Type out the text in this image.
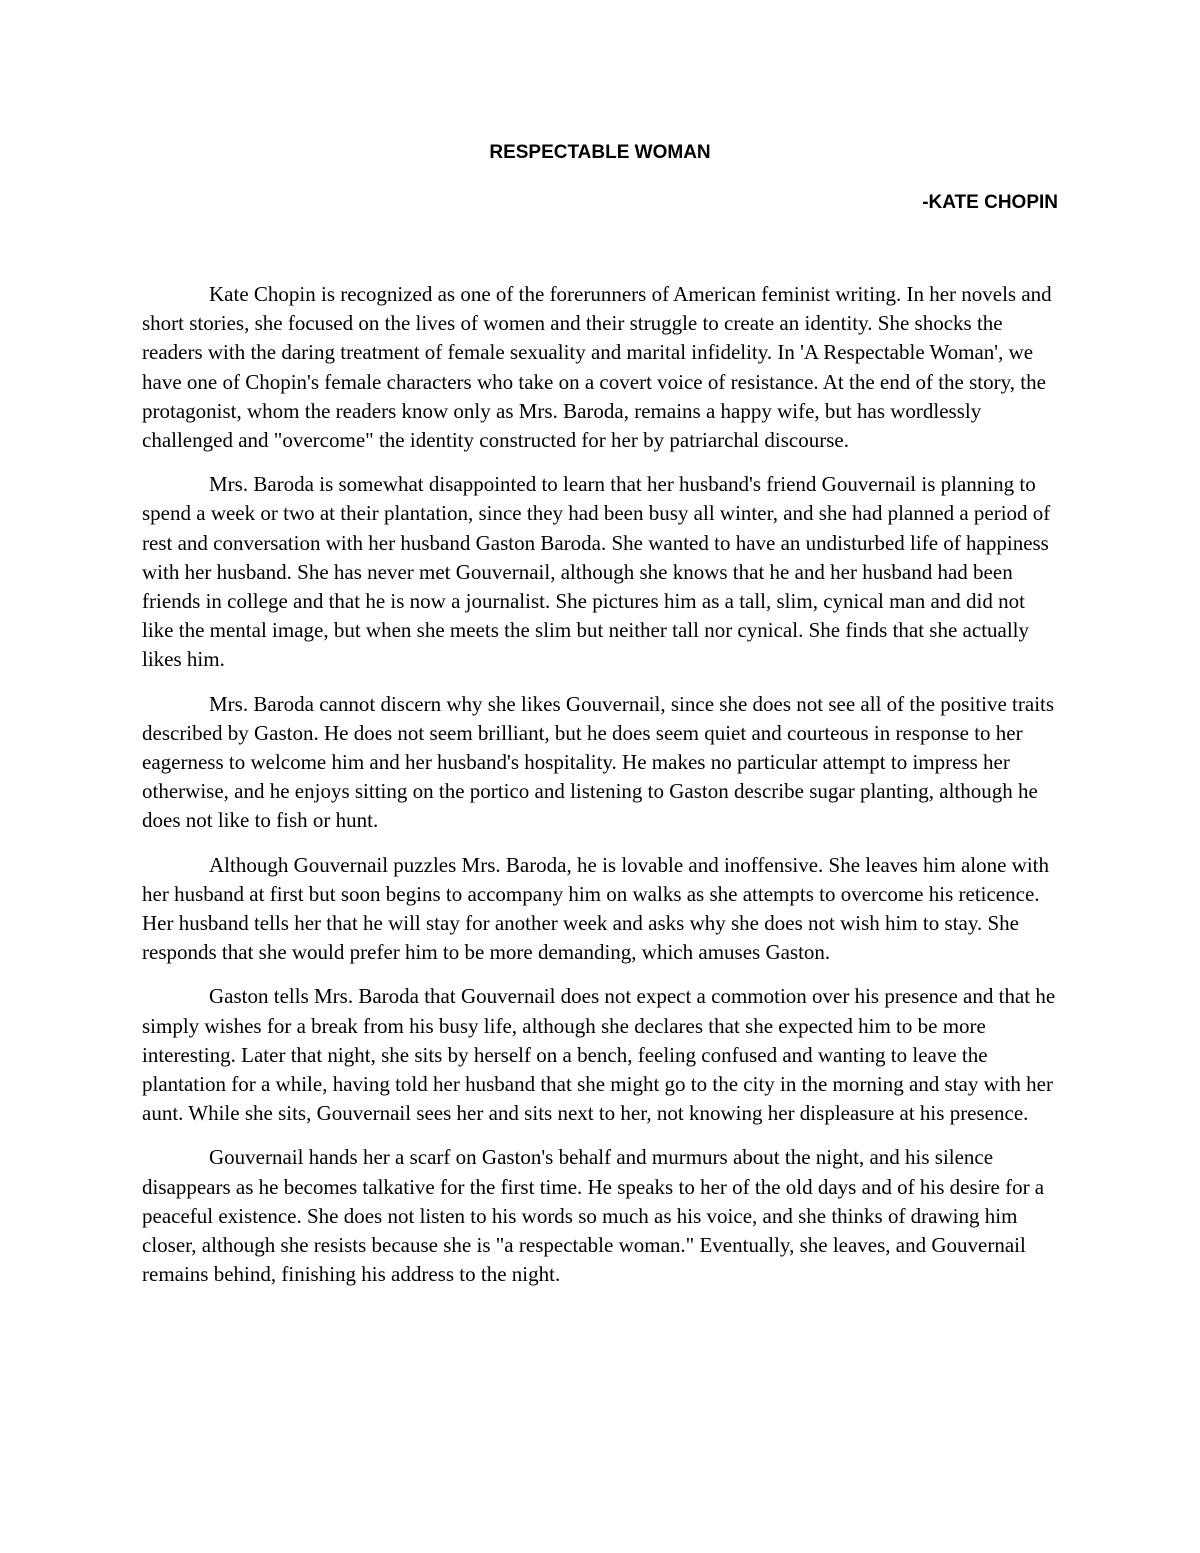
RESPECTABLE WOMAN
-KATE CHOPIN

Kate Chopin is recognized as one of the forerunners of American feminist writing. In her novels and short stories, she focused on the lives of women and their struggle to create an identity. She shocks the readers with the daring treatment of female sexuality and marital infidelity. In 'A Respectable Woman', we have one of Chopin's female characters who take on a covert voice of resistance. At the end of the story, the protagonist, whom the readers know only as Mrs. Baroda, remains a happy wife, but has wordlessly challenged and "overcome" the identity constructed for her by patriarchal discourse.

Mrs. Baroda is somewhat disappointed to learn that her husband's friend Gouvernail is planning to spend a week or two at their plantation, since they had been busy all winter, and she had planned a period of rest and conversation with her husband Gaston Baroda. She wanted to have an undisturbed life of happiness with her husband. She has never met Gouvernail, although she knows that he and her husband had been friends in college and that he is now a journalist. She pictures him as a tall, slim, cynical man and did not like the mental image, but when she meets the slim but neither tall nor cynical. She finds that she actually likes him.

Mrs. Baroda cannot discern why she likes Gouvernail, since she does not see all of the positive traits described by Gaston. He does not seem brilliant, but he does seem quiet and courteous in response to her eagerness to welcome him and her husband's hospitality. He makes no particular attempt to impress her otherwise, and he enjoys sitting on the portico and listening to Gaston describe sugar planting, although he does not like to fish or hunt.

Although Gouvernail puzzles Mrs. Baroda, he is lovable and inoffensive. She leaves him alone with her husband at first but soon begins to accompany him on walks as she attempts to overcome his reticence. Her husband tells her that he will stay for another week and asks why she does not wish him to stay. She responds that she would prefer him to be more demanding, which amuses Gaston.

Gaston tells Mrs. Baroda that Gouvernail does not expect a commotion over his presence and that he simply wishes for a break from his busy life, although she declares that she expected him to be more interesting. Later that night, she sits by herself on a bench, feeling confused and wanting to leave the plantation for a while, having told her husband that she might go to the city in the morning and stay with her aunt. While she sits, Gouvernail sees her and sits next to her, not knowing her displeasure at his presence.

Gouvernail hands her a scarf on Gaston's behalf and murmurs about the night, and his silence disappears as he becomes talkative for the first time. He speaks to her of the old days and of his desire for a peaceful existence. She does not listen to his words so much as his voice, and she thinks of drawing him closer, although she resists because she is "a respectable woman." Eventually, she leaves, and Gouvernail remains behind, finishing his address to the night.
